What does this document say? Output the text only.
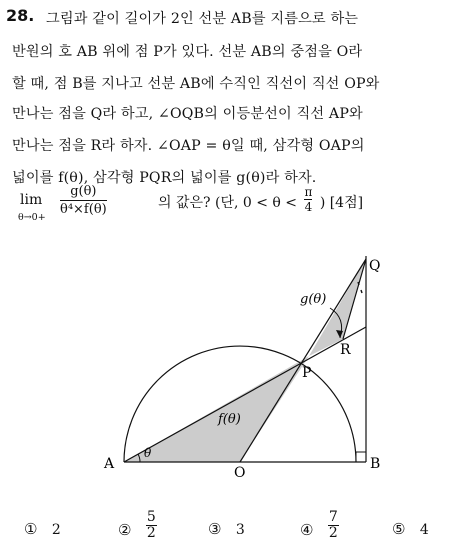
28. 그림과 같이 길이가 2인 선분 AB를 지름으로 하는
반원의 호 AB 위에 점 P가 있다. 선분 AB의 중점을 O라
할 때, 점 B를 지나고 선분 AB에 수직인 직선이 직선 OP와
만나는 점을 Q라 하고, ∠OQB의 이등분선이 직선 AP와
만나는 점을 R라 하자. ∠OAP = θ일 때, 삼각형 OAP의
넓이를 f(θ), 삼각형 PQR의 넓이를 g(θ)라 하자.
lim
θ→0+
$\frac{g(\theta)}{\text{θ⁴×f(θ)}}$	의 값은? (단, $0 < \theta < \frac{\pi}{4}$ ) [4점]
A	B
O
P
Q
R
θ
f(θ)
g(θ)
① 2	② $\frac{5}{2}$	③ 3	④ $\frac{7}{2}$	⑤ 4
